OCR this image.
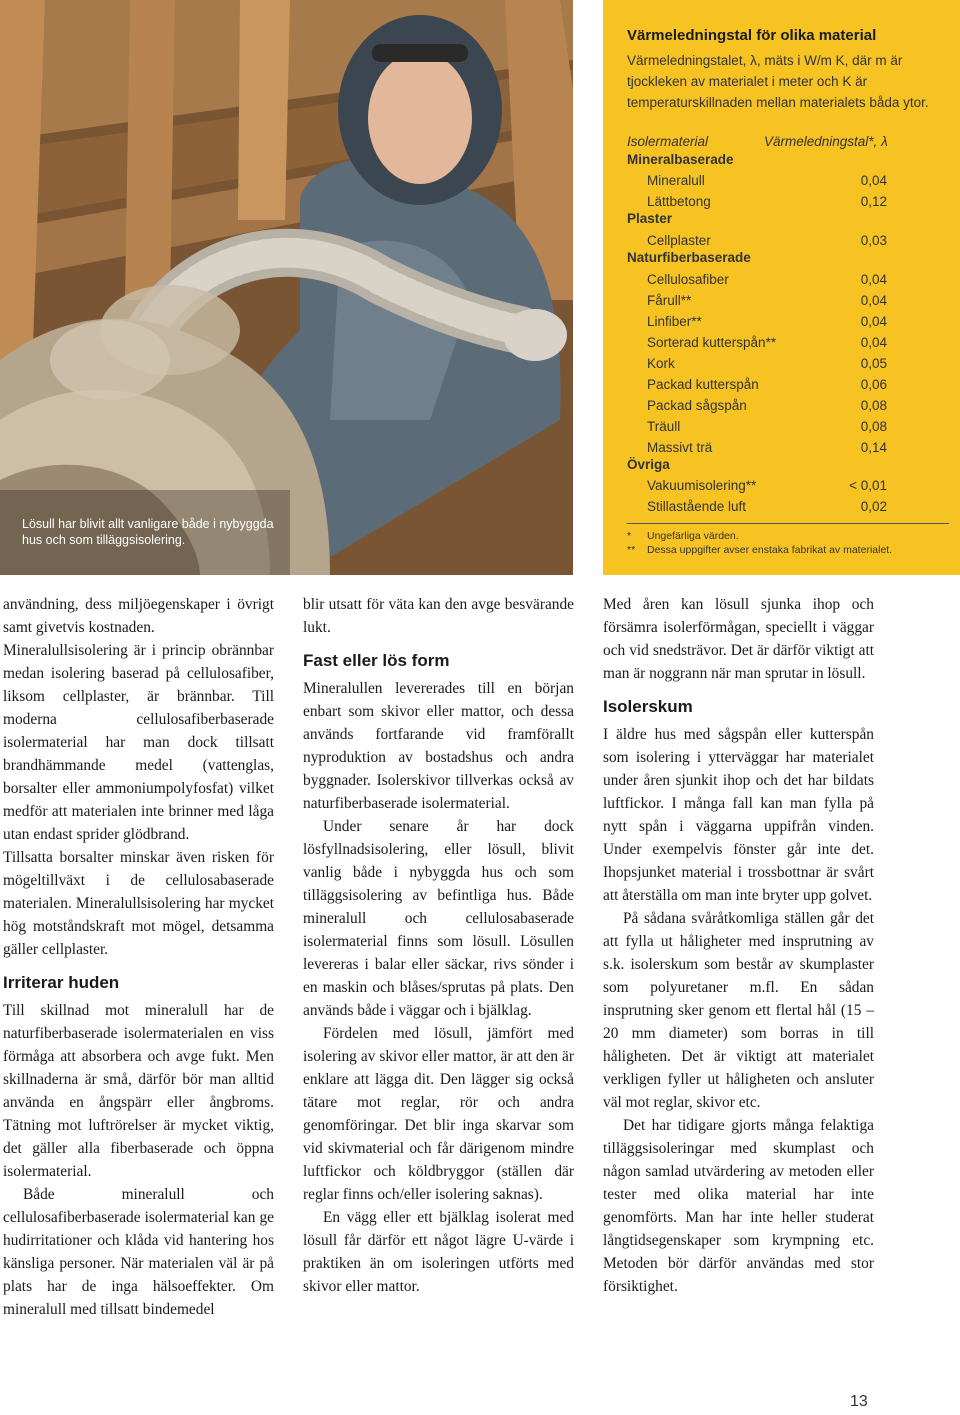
Lösull har blivit allt vanligare både i nybyggda hus och som tilläggsisolering.
Värmeledningstal för olika material
Värmeledningstalet, λ, mäts i W/m K, där m är tjockleken av materialet i meter och K är temperaturskillnaden mellan materialets båda ytor.
Isolermaterial	Värmeledningstal*, λ
Mineralbaserade
Mineralull	0,04
Lättbetong	0,12
Plaster
Cellplaster	0,03
Naturfiberbaserade
Cellulosafiber	0,04
Fårull**	0,04
Linfiber**	0,04
Sorterad kutterspån**	0,04
Kork	0,05
Packad kutterspån	0,06
Packad sågspån	0,08
Träull	0,08
Massivt trä	0,14
Övriga
Vakuumisolering**	< 0,01
Stillastående luft	0,02
* Ungefärliga värden.
** Dessa uppgifter avser enstaka fabrikat av materialet.

användning, dess miljöegenskaper i övrigt samt givetvis kostnaden.

Mineralullsisolering är i princip obrännbar medan isolering baserad på cellulosafiber, liksom cellplaster, är brännbar. Till moderna cellulosafiberbaserade isolermaterial har man dock tillsatt brandhämmande medel (vattenglas, borsalter eller ammoniumpolyfosfat) vilket medför att materialen inte brinner med låga utan endast sprider glödbrand.

Tillsatta borsalter minskar även risken för mögeltillväxt i de cellulosabaserade materialen. Mineralullsisolering har mycket hög motståndskraft mot mögel, detsamma gäller cellplaster.

Irriterar huden

Till skillnad mot mineralull har de naturfiberbaserade isolermaterialen en viss förmåga att absorbera och avge fukt. Men skillnaderna är små, därför bör man alltid använda en ångspärr eller ångbroms. Tätning mot luftrörelser är mycket viktig, det gäller alla fiberbaserade och öppna isolermaterial.

Både mineralull och cellulosafiberbaserade isolermaterial kan ge hudirritationer och klåda vid hantering hos känsliga personer. När materialen väl är på plats har de inga hälsoeffekter. Om mineralull med tillsatt bindemedel

blir utsatt för väta kan den avge besvärande lukt.

Fast eller lös form

Mineralullen levererades till en början enbart som skivor eller mattor, och dessa används fortfarande vid framförallt nyproduktion av bostadshus och andra byggnader. Isolerskivor tillverkas också av naturfiberbaserade isolermaterial.

Under senare år har dock lösfyllnadsisolering, eller lösull, blivit vanlig både i nybyggda hus och som tilläggsisolering av befintliga hus. Både mineralull och cellulosabaserade isolermaterial finns som lösull. Lösullen levereras i balar eller säckar, rivs sönder i en maskin och blåses/sprutas på plats. Den används både i väggar och i bjälklag.

Fördelen med lösull, jämfört med isolering av skivor eller mattor, är att den är enklare att lägga dit. Den lägger sig också tätare mot reglar, rör och andra genomföringar. Det blir inga skarvar som vid skivmaterial och får därigenom mindre luftfickor och köldbryggor (ställen där reglar finns och/eller isolering saknas).

En vägg eller ett bjälklag isolerat med lösull får därför ett något lägre U-värde i praktiken än om isoleringen utförts med skivor eller mattor.

Med åren kan lösull sjunka ihop och försämra isolerförmågan, speciellt i väggar och vid snedsträvor. Det är därför viktigt att man är noggrann när man sprutar in lösull.

Isolerskum

I äldre hus med sågspån eller kutterspån som isolering i ytterväggar har materialet under åren sjunkit ihop och det har bildats luftfickor. I många fall kan man fylla på nytt spån i väggarna uppifrån vinden. Under exempelvis fönster går inte det. Ihopsjunket material i trossbottnar är svårt att återställa om man inte bryter upp golvet.

På sådana svåråtkomliga ställen går det att fylla ut håligheter med insprutning av s.k. isolerskum som består av skumplaster som polyuretaner m.fl. En sådan insprutning sker genom ett flertal hål (15 – 20 mm diameter) som borras in till håligheten. Det är viktigt att materialet verkligen fyller ut håligheten och ansluter väl mot reglar, skivor etc.

Det har tidigare gjorts många felaktiga tilläggsisoleringar med skumplast och någon samlad utvärdering av metoden eller tester med olika material har inte genomförts. Man har inte heller studerat långtidsegenskaper som krympning etc. Metoden bör därför användas med stor försiktighet.

13
